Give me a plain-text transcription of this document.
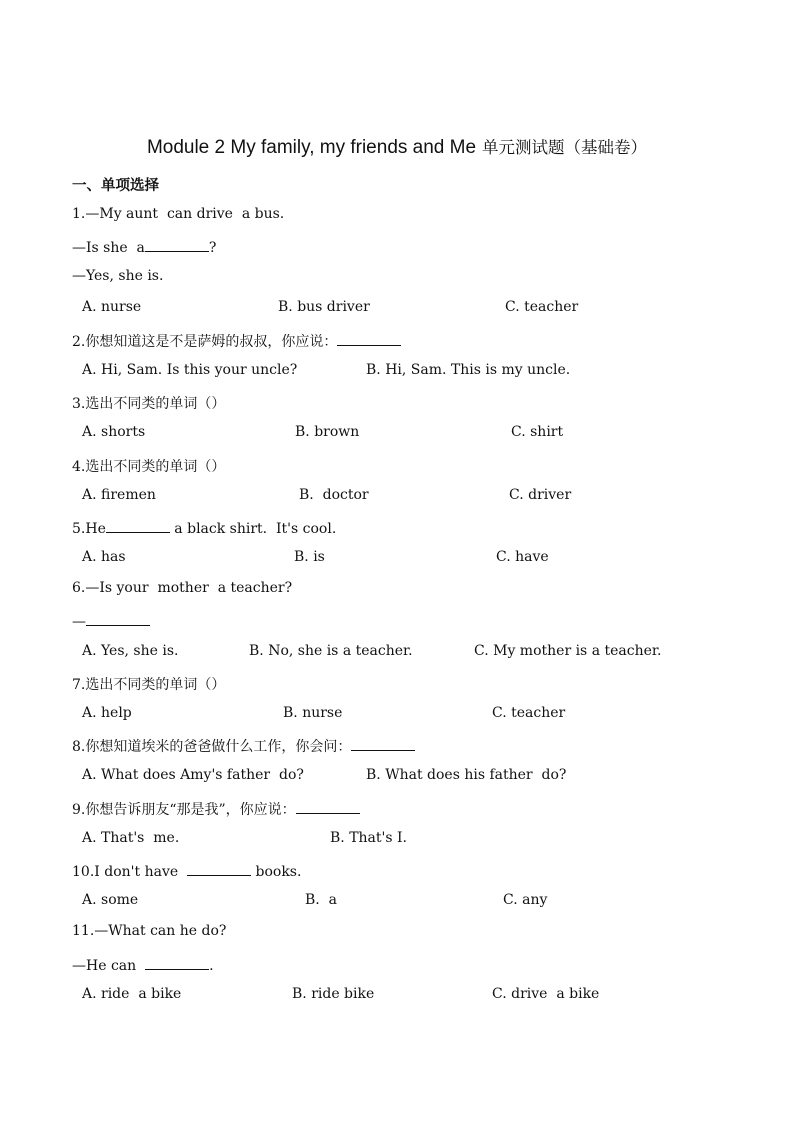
Module 2 My family, my friends and Me 单元测试题（基础卷）
一、单项选择
1.—My aunt  can drive  a bus.
—Is she  a	?
—Yes, she is.
A. nurse	B. bus driver	C. teacher
2.你想知道这是不是萨姆的叔叔，你应说：
A. Hi, Sam. Is this your uncle?	B. Hi, Sam. This is my uncle.
3.选出不同类的单词（）
A. shorts	B. brown	C. shirt
4.选出不同类的单词（）
A. firemen	B.  doctor	C. driver
5.He	a black shirt.  It's cool.
A. has	B. is	C. have
6.—Is your  mother  a teacher?
—
A. Yes, she is.	B. No, she is a teacher.	C. My mother is a teacher.
7.选出不同类的单词（）
A. help	B. nurse	C. teacher
8.你想知道埃米的爸爸做什么工作，你会问：
A. What does Amy's father  do?	B. What does his father  do?
9.你想告诉朋友“那是我”，你应说：
A. That's  me.	B. That's I.
10.I don't have	books.
A. some	B.  a	C. any
11.—What can he do?
—He can	.
A. ride  a bike	B. ride bike	C. drive  a bike
